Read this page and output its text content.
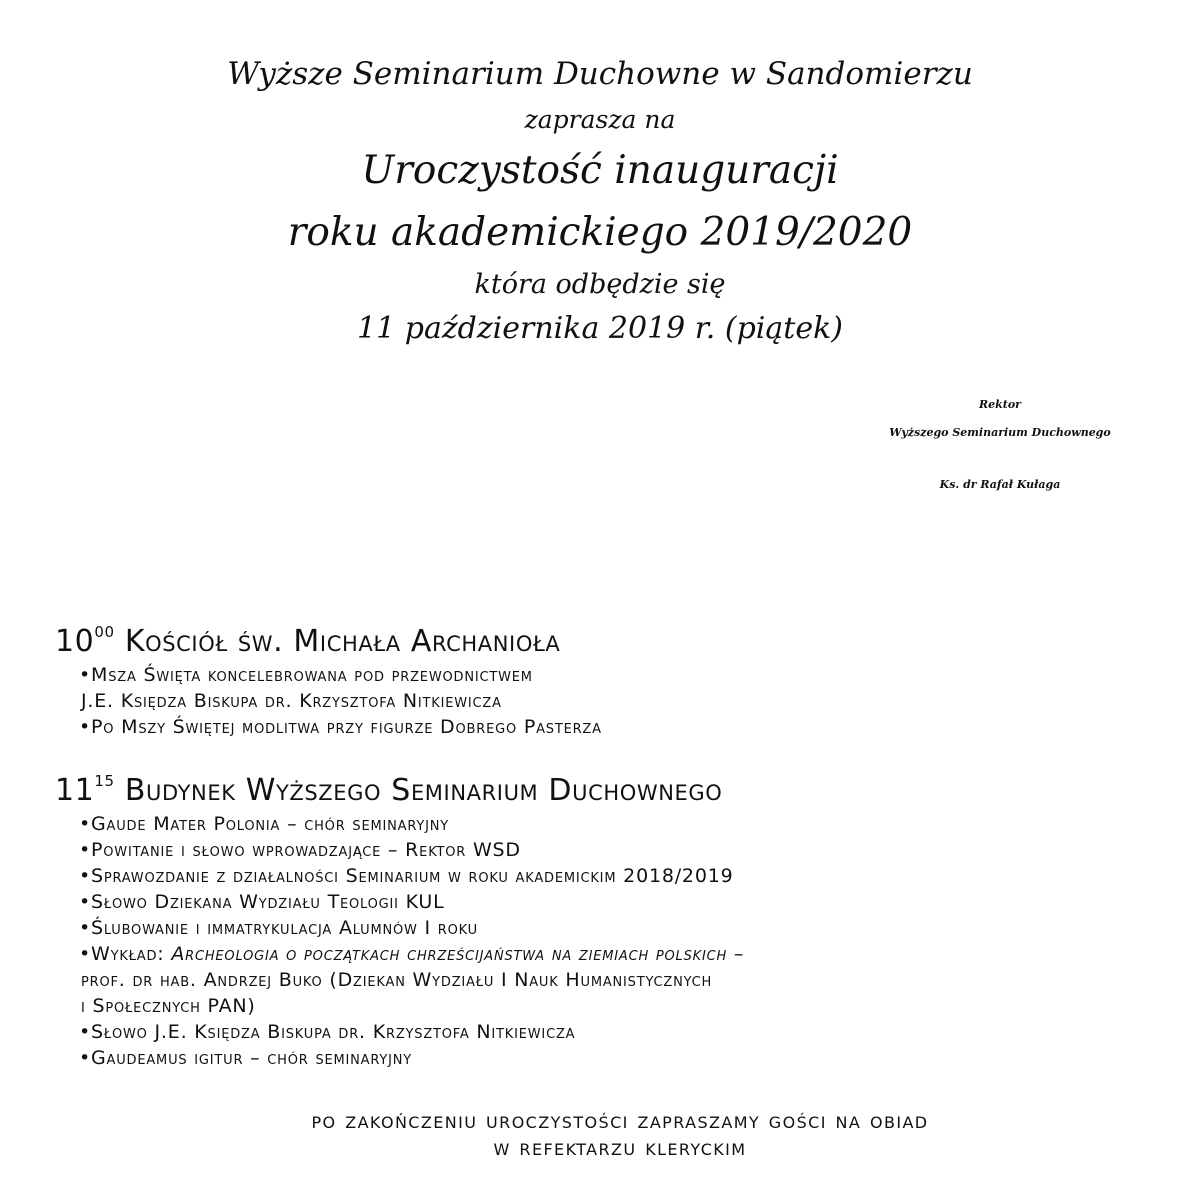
Wyższe Seminarium Duchowne w Sandomierzu
zaprasza na
Uroczystość inauguracji
roku akademickiego 2019/2020
która odbędzie się
11 października 2019 r. (piątek)
Rektor
Wyższego Seminarium Duchownego
Ks. dr Rafał Kułaga
$10^{00}$ Kościół św. Michała Archanioła
• Msza Święta koncelebrowana pod przewodnictwem
J.E. Księdza Biskupa dr. Krzysztofa Nitkiewicza
• Po Mszy Świętej modlitwa przy figurze Dobrego Pasterza
$11^{15}$ Budynek Wyższego Seminarium Duchownego
• Gaude Mater Polonia – chór seminaryjny
• Powitanie i słowo wprowadzające – Rektor WSD
• Sprawozdanie z działalności Seminarium w roku akademickim 2018/2019
• Słowo Dziekana Wydziału Teologii KUL
• Ślubowanie i immatrykulacja Alumnów I roku
• Wykład: Archeologia o początkach chrześcijaństwa na ziemiach polskich –
prof. dr hab. Andrzej Buko (Dziekan Wydziału I Nauk Humanistycznych
i Społecznych PAN)
• Słowo J.E. Księdza Biskupa dr. Krzysztofa Nitkiewicza
• Gaudeamus igitur – chór seminaryjny
po zakończeniu uroczystości zapraszamy gości na obiad
w refektarzu kleryckim
